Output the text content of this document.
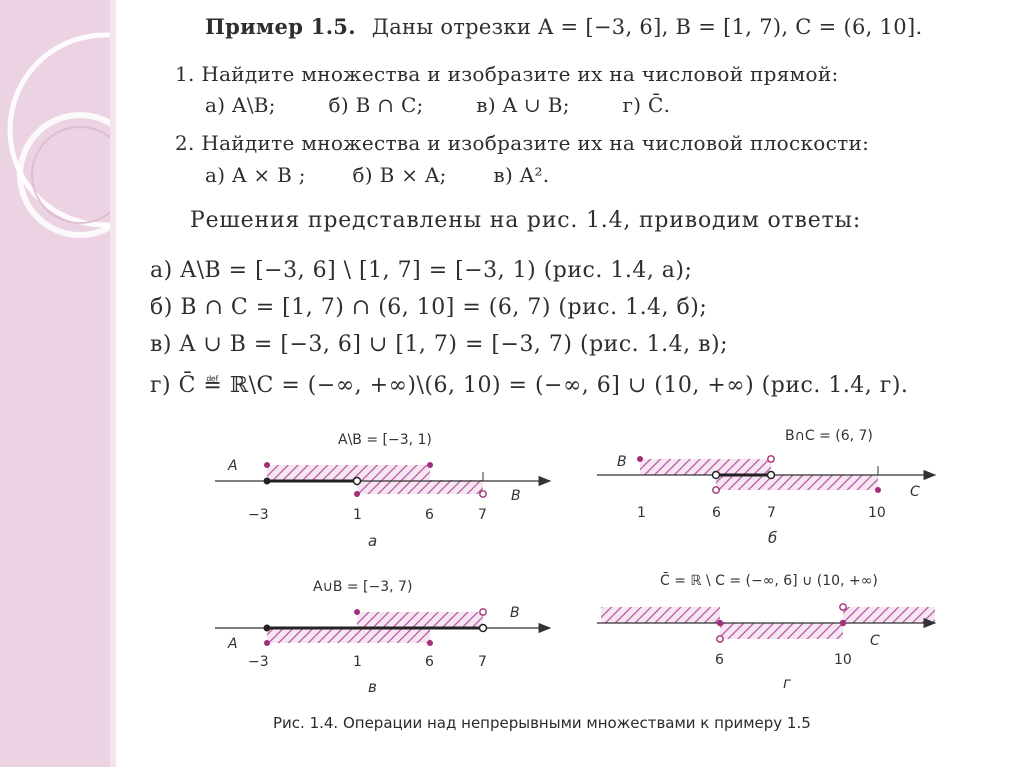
Пример 1.5. Даны отрезки A = [−3, 6], B = [1, 7), C = (6, 10].
1. Найдите множества и изобразите их на числовой прямой:
а) A\B;	б) B ∩ C;	в) A ∪ B;	г) C̄.
2. Найдите множества и изобразите их на числовой плоскости:
а) A × B ; б) B × A; в) A².
Решения представлены на рис. 1.4, приводим ответы:
а) A\B = [−3, 6] \ [1, 7] = [−3, 1) (рис. 1.4, а);
б) B ∩ C = [1, 7) ∩ (6, 10] = (6, 7) (рис. 1.4, б);
в) A ∪ B = [−3, 6] ∪ [1, 7) = [−3, 7) (рис. 1.4, в);
г) C̄ ≝ ℝ\C = (−∞, +∞)\(6, 10) = (−∞, 6] ∪ (10, +∞) (рис. 1.4, г).
A\B = [−3, 1)
A
B
−3	1	6	7
а
B∩C = (6, 7)
B
C
1	6	7	10
б
A∪B = [−3, 7)
B
A
−3	1	6	7
в
C̄ = ℝ \ C = (−∞, 6] ∪ (10, +∞)
C
6	10
г
Рис. 1.4. Операции над непрерывными множествами к примеру 1.5
